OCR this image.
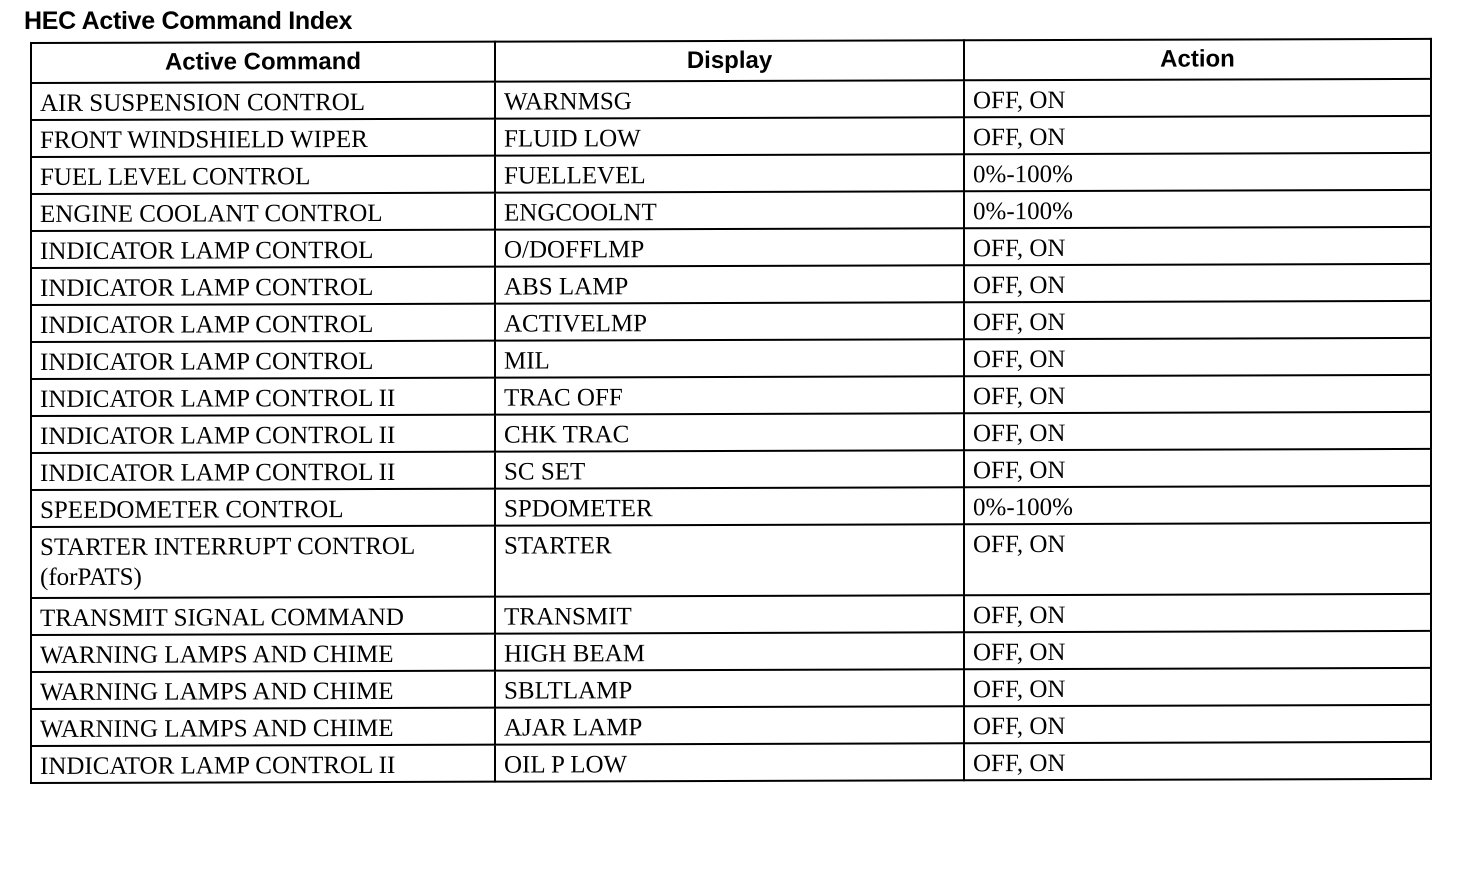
HEC Active Command Index
Active Command	Display	Action

AIR SUSPENSION CONTROL	WARNMSG	OFF, ON

FRONT WINDSHIELD WIPER	FLUID LOW	OFF, ON

FUEL LEVEL CONTROL	FUELLEVEL	0%-100%

ENGINE COOLANT CONTROL	ENGCOOLNT	0%-100%

INDICATOR LAMP CONTROL	O/DOFFLMP	OFF, ON

INDICATOR LAMP CONTROL	ABS LAMP	OFF, ON

INDICATOR LAMP CONTROL	ACTIVELMP	OFF, ON

INDICATOR LAMP CONTROL	MIL	OFF, ON

INDICATOR LAMP CONTROL II	TRAC OFF	OFF, ON

INDICATOR LAMP CONTROL II	CHK TRAC	OFF, ON

INDICATOR LAMP CONTROL II	SC SET	OFF, ON

SPEEDOMETER CONTROL	SPDOMETER	0%-100%

STARTER INTERRUPT CONTROL
(forPATS)	STARTER	OFF, ON

TRANSMIT SIGNAL COMMAND	TRANSMIT	OFF, ON

WARNING LAMPS AND CHIME	HIGH BEAM	OFF, ON

WARNING LAMPS AND CHIME	SBLTLAMP	OFF, ON

WARNING LAMPS AND CHIME	AJAR LAMP	OFF, ON

INDICATOR LAMP CONTROL II	OIL P LOW	OFF, ON
